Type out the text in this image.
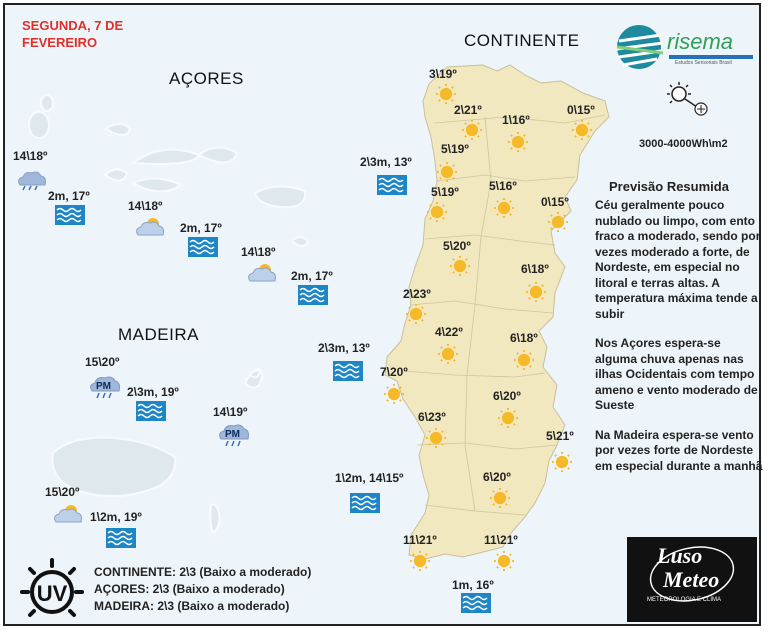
SEGUNDA, 7 DE
FEVEREIRO	CONTINENTE
AÇORES
MADEIRA
risema
Estudos Sensoriais Brasil
3000-4000Wh\m2
Previsão Resumida

Céu geralmente pouco nublado ou limpo, com ento fraco a moderado, sendo por vezes moderado a forte, de Nordeste, em especial no litoral e terras altas. A temperatura máxima tende a subir

Nos Açores espera-se alguma chuva apenas nas ilhas Ocidentais com tempo ameno e vento moderado de Sueste

Na Madeira espera-se vento por vezes forte de Nordeste em especial durante a manhã

3\19º
2\21º
1\16º
0\15º
5\19º
5\19º	5\16º
0\15º
5\20º
6\18º
2\23º
4\22º	6\18º
7\20º
6\20º
6\23º
5\21º
6\20º
11\21º	11\21º
2\3m, 13º
2\3m, 13º
1\2m, 14\15º
1m, 16º
14\18º
14\18º
14\18º
2m, 17º
2m, 17º
2m, 17º
15\20º
PM
14\19º
PM
15\20º
2\3m, 19º
1\2m, 19º
UV
CONTINENTE: 2\3 (Baixo a moderado)
AÇORES: 2\3 (Baixo a moderado)
MADEIRA: 2\3 (Baixo a moderado)
Luso
Meteo
METEOROLOGIA E CLIMA
